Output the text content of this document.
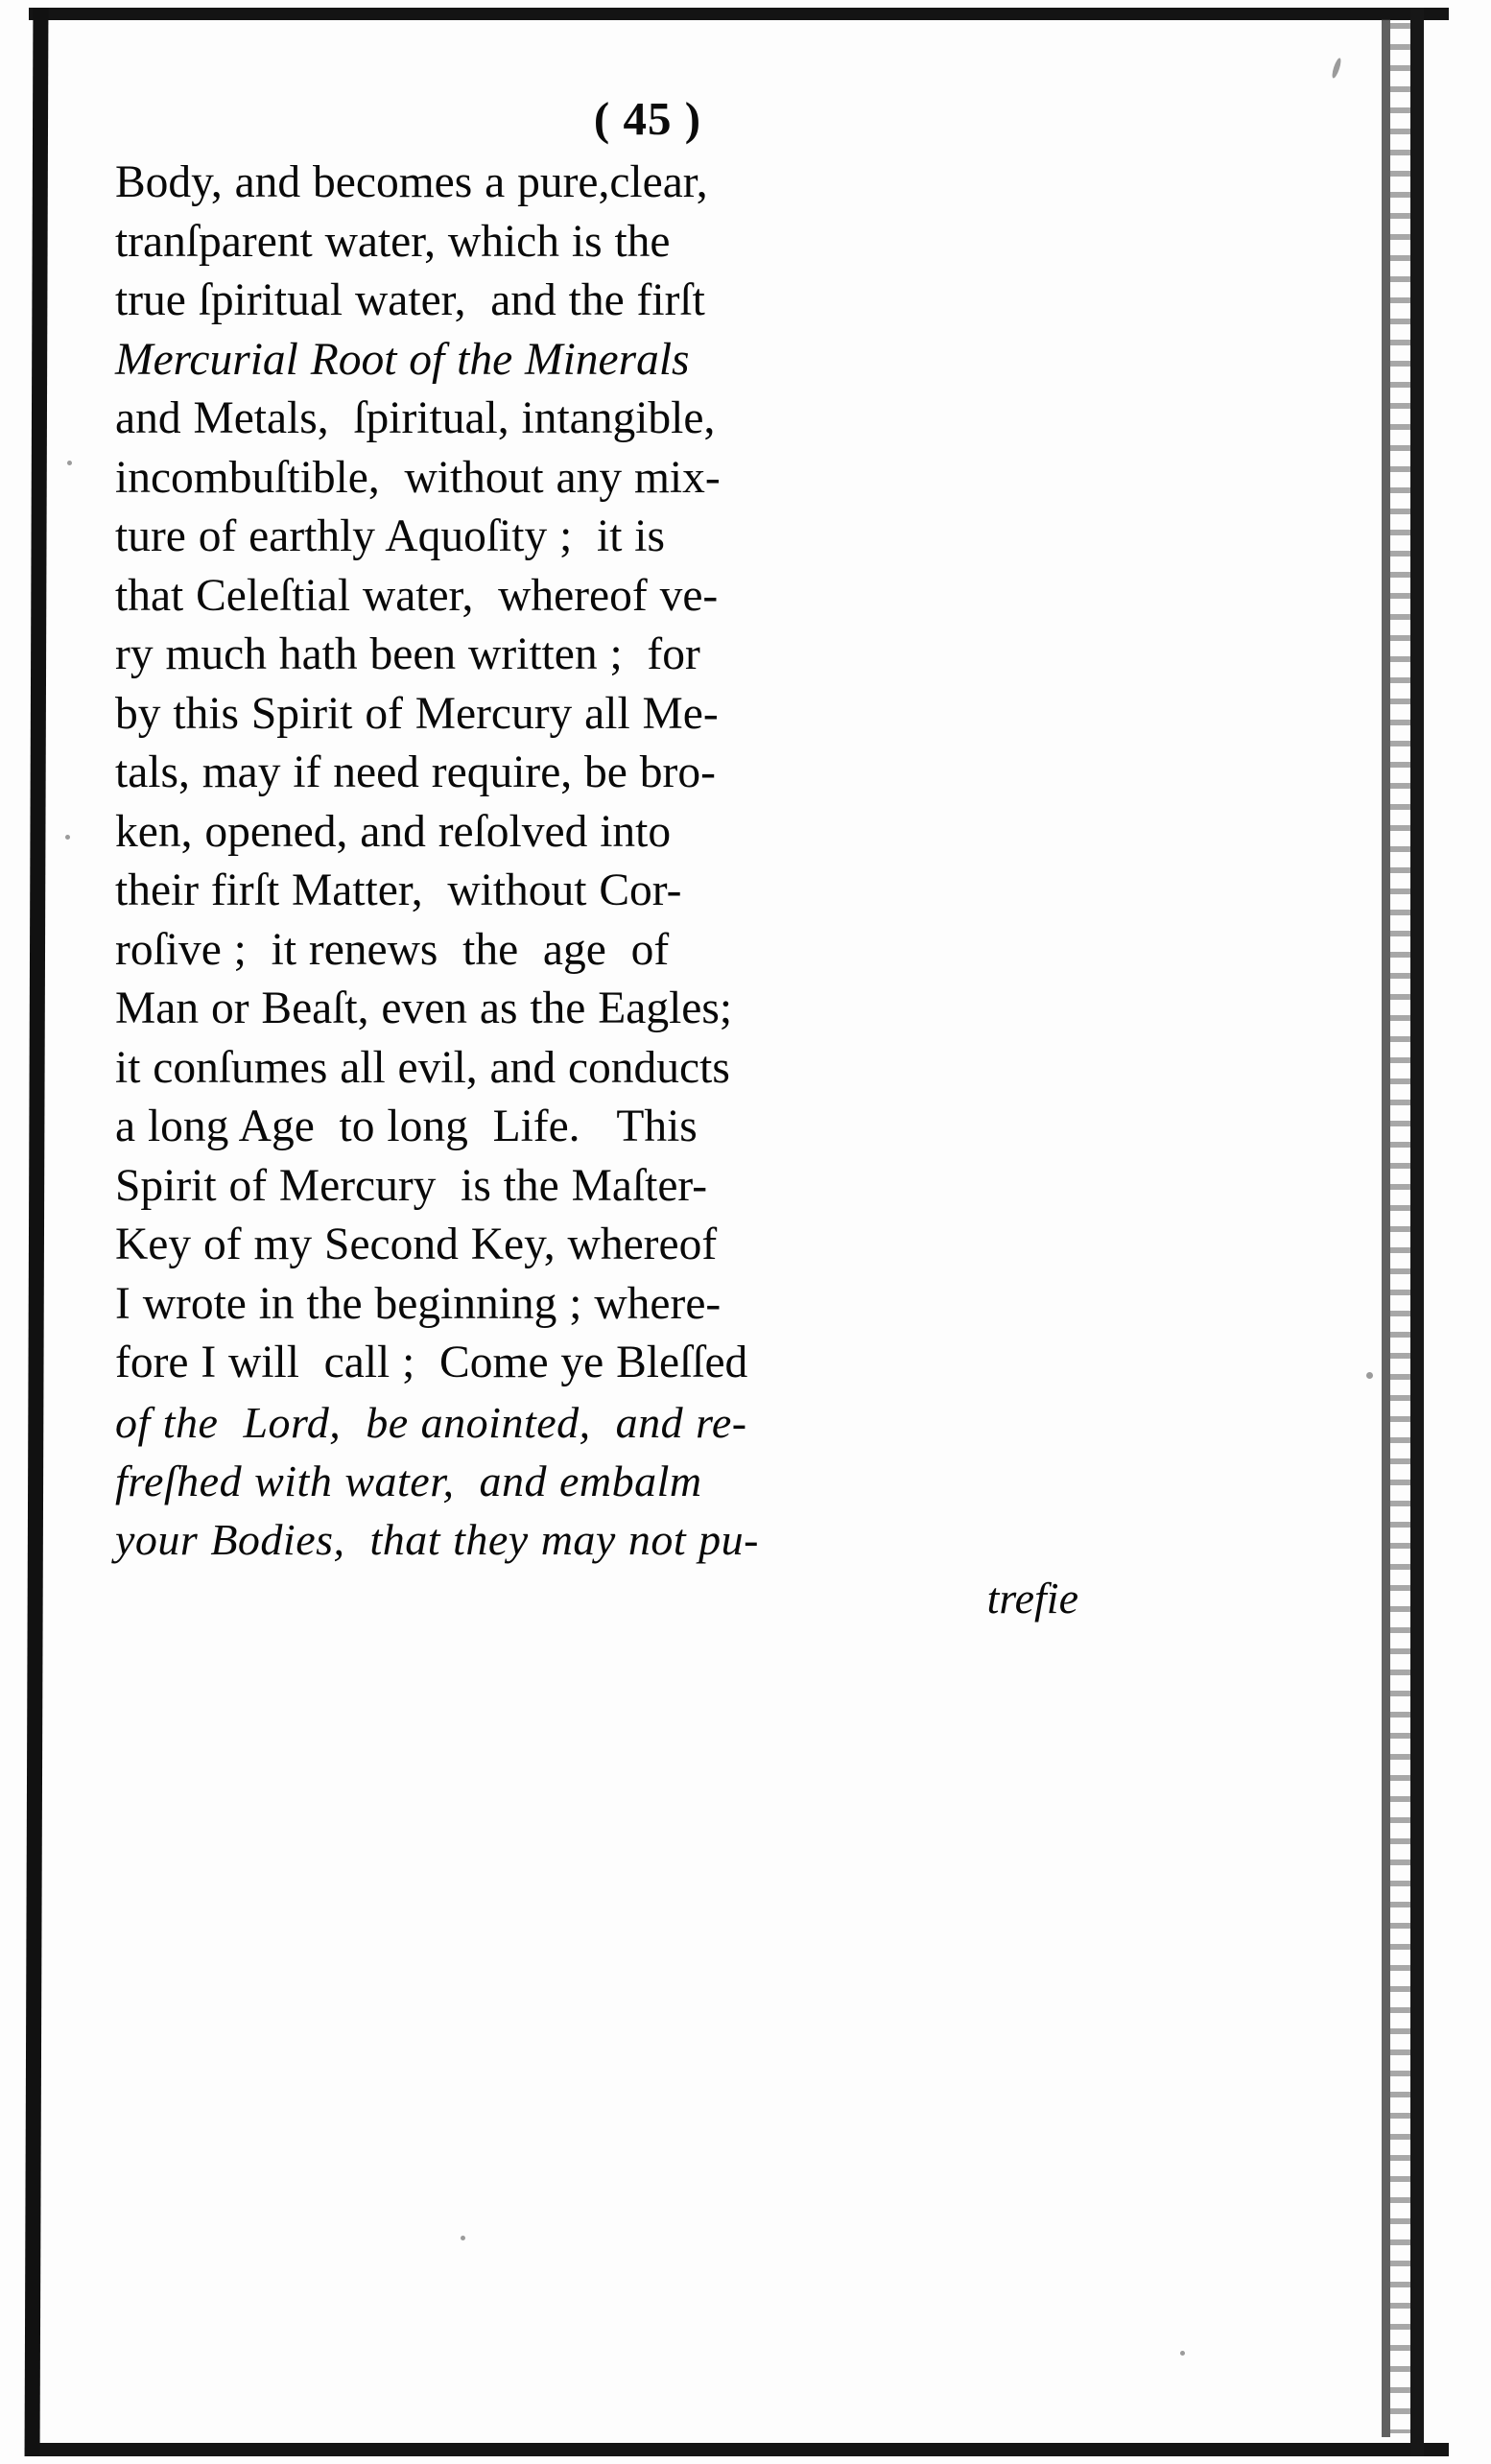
( 45 )
Body, and becomes a pure,clear,
tranſparent water, which is the
true ſpiritual water,  and the firſt
Mercurial Root of the Minerals
and Metals,  ſpiritual, intangible,
incombuſtible,  without any mix-
ture of earthly Aquoſity ;  it is
that Celeſtial water,  whereof ve-
ry much hath been written ;  for
by this Spirit of Mercury all Me-
tals, may if need require, be bro-
ken, opened, and reſolved into
their firſt Matter,  without Cor-
roſive ;  it renews  the  age  of
Man or Beaſt, even as the Eagles;
it conſumes all evil, and conducts
a long Age  to long  Life.   This
Spirit of Mercury  is the Maſter-
Key of my Second Key, whereof
I wrote in the beginning ; where-
fore I will  call ;  Come ye Bleſſed
of the  Lord,  be anointed,  and re-
freſhed with water,  and embalm
your Bodies,  that they may not pu-
trefie
